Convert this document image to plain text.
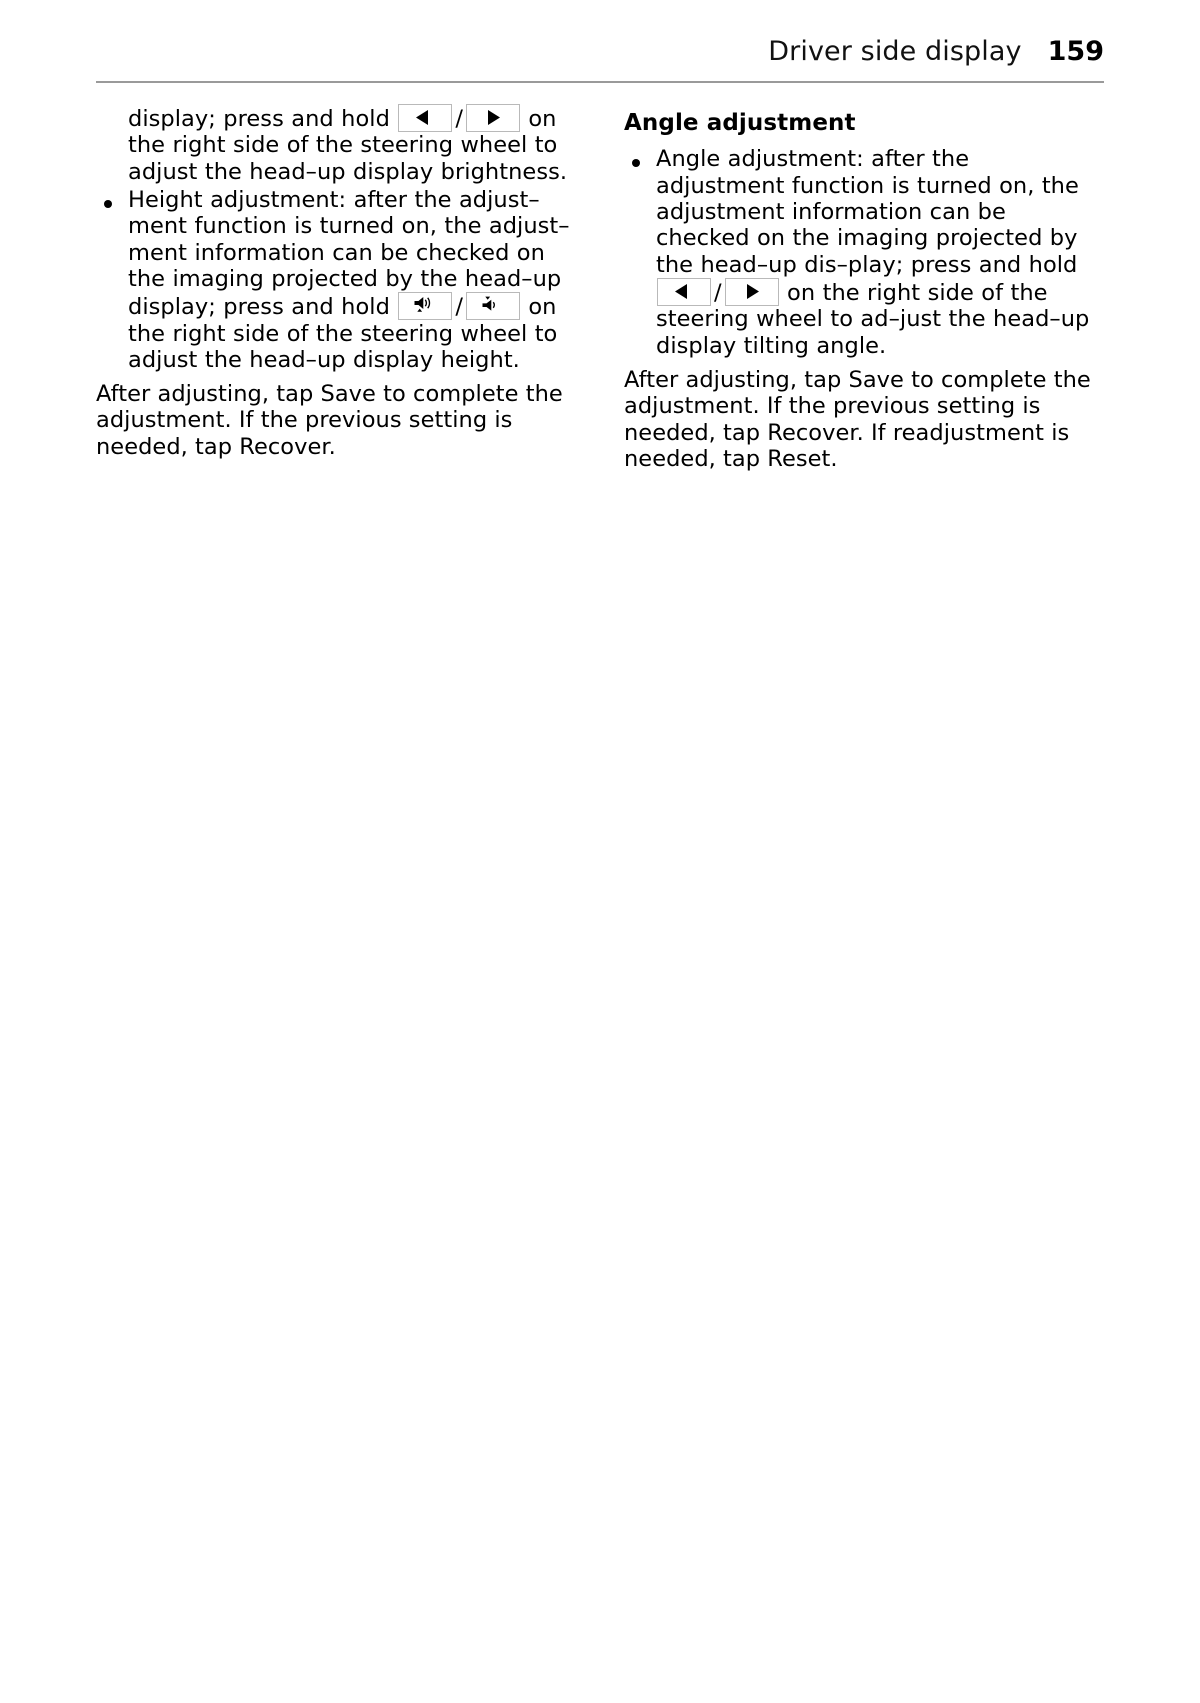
Driver side display 159

display; press and hold	/	on the right side of the steering wheel to adjust the head–up display brightness.

Height adjustment: after the adjust–ment function is turned on, the adjust–ment information can be checked on the imaging projected by the head–up display; press and hold	/	on the right side of the steering wheel to adjust the head–up display height.

After adjusting, tap Save to complete the adjustment. If the previous setting is needed, tap Recover.

Angle adjustment

Angle adjustment: after the adjustment function is turned on, the adjustment information can be checked on the imaging projected by the head–up dis–play; press and hold
/	on the right side of the steering wheel to ad–just the head–up display tilting angle.

After adjusting, tap Save to complete the adjustment. If the previous setting is needed, tap Recover. If readjustment is needed, tap Reset.
